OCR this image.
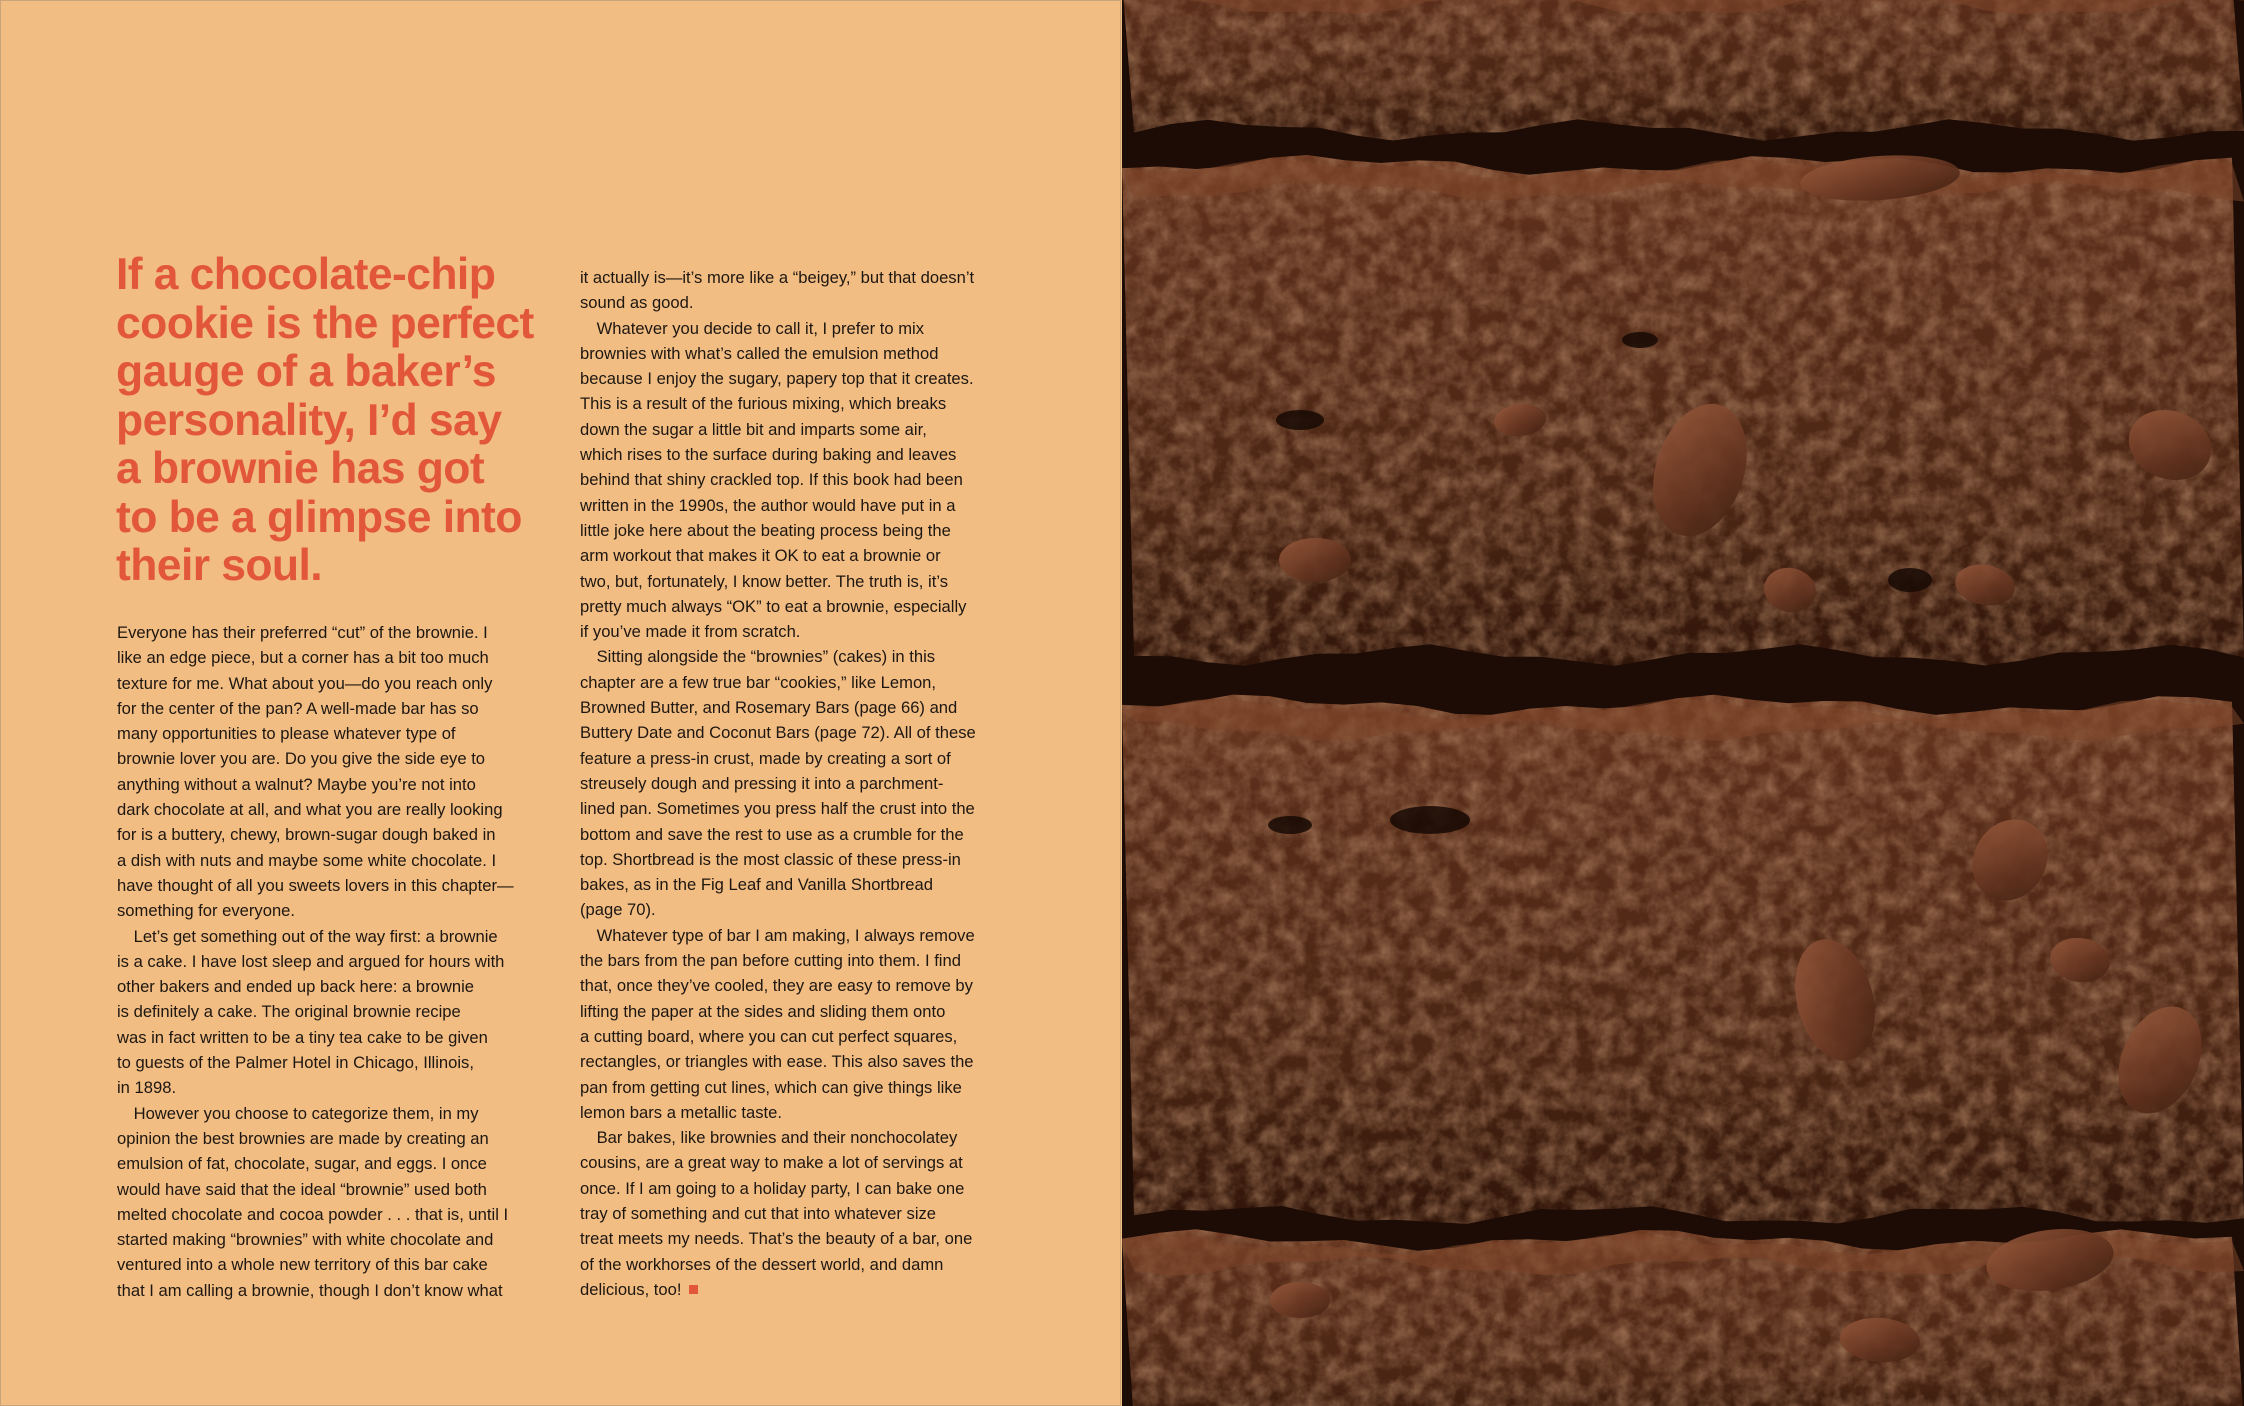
If a chocolate-chip
cookie is the perfect
gauge of a baker’s
personality, I’d say
a brownie has got
to be a glimpse into
their soul.

Everyone has their preferred “cut” of the brownie. I

like an edge piece, but a corner has a bit too much

texture for me. What about you—do you reach only

for the center of the pan? A well-made bar has so

many opportunities to please whatever type of

brownie lover you are. Do you give the side eye to

anything without a walnut? Maybe you’re not into

dark chocolate at all, and what you are really looking

for is a buttery, chewy, brown-sugar dough baked in

a dish with nuts and maybe some white chocolate. I

have thought of all you sweets lovers in this chapter—

something for everyone.

 Let’s get something out of the way first: a brownie

is a cake. I have lost sleep and argued for hours with

other bakers and ended up back here: a brownie

is definitely a cake. The original brownie recipe

was in fact written to be a tiny tea cake to be given

to guests of the Palmer Hotel in Chicago, Illinois,

in 1898.

 However you choose to categorize them, in my

opinion the best brownies are made by creating an

emulsion of fat, chocolate, sugar, and eggs. I once

would have said that the ideal “brownie” used both

melted chocolate and cocoa powder . . . that is, until I

started making “brownies” with white chocolate and

ventured into a whole new territory of this bar cake

that I am calling a brownie, though I don’t know what

it actually is—it’s more like a “beigey,” but that doesn’t

sound as good.

 Whatever you decide to call it, I prefer to mix

brownies with what’s called the emulsion method

because I enjoy the sugary, papery top that it creates.

This is a result of the furious mixing, which breaks

down the sugar a little bit and imparts some air,

which rises to the surface during baking and leaves

behind that shiny crackled top. If this book had been

written in the 1990s, the author would have put in a

little joke here about the beating process being the

arm workout that makes it OK to eat a brownie or

two, but, fortunately, I know better. The truth is, it’s

pretty much always “OK” to eat a brownie, especially

if you’ve made it from scratch.

 Sitting alongside the “brownies” (cakes) in this

chapter are a few true bar “cookies,” like Lemon,

Browned Butter, and Rosemary Bars (page 66) and

Buttery Date and Coconut Bars (page 72). All of these

feature a press-in crust, made by creating a sort of

streusely dough and pressing it into a parchment-

lined pan. Sometimes you press half the crust into the

bottom and save the rest to use as a crumble for the

top. Shortbread is the most classic of these press-in

bakes, as in the Fig Leaf and Vanilla Shortbread

(page 70).

 Whatever type of bar I am making, I always remove

the bars from the pan before cutting into them. I find

that, once they’ve cooled, they are easy to remove by

lifting the paper at the sides and sliding them onto

a cutting board, where you can cut perfect squares,

rectangles, or triangles with ease. This also saves the

pan from getting cut lines, which can give things like

lemon bars a metallic taste.

 Bar bakes, like brownies and their nonchocolatey

cousins, are a great way to make a lot of servings at

once. If I am going to a holiday party, I can bake one

tray of something and cut that into whatever size

treat meets my needs. That’s the beauty of a bar, one

of the workhorses of the dessert world, and damn

delicious, too!
